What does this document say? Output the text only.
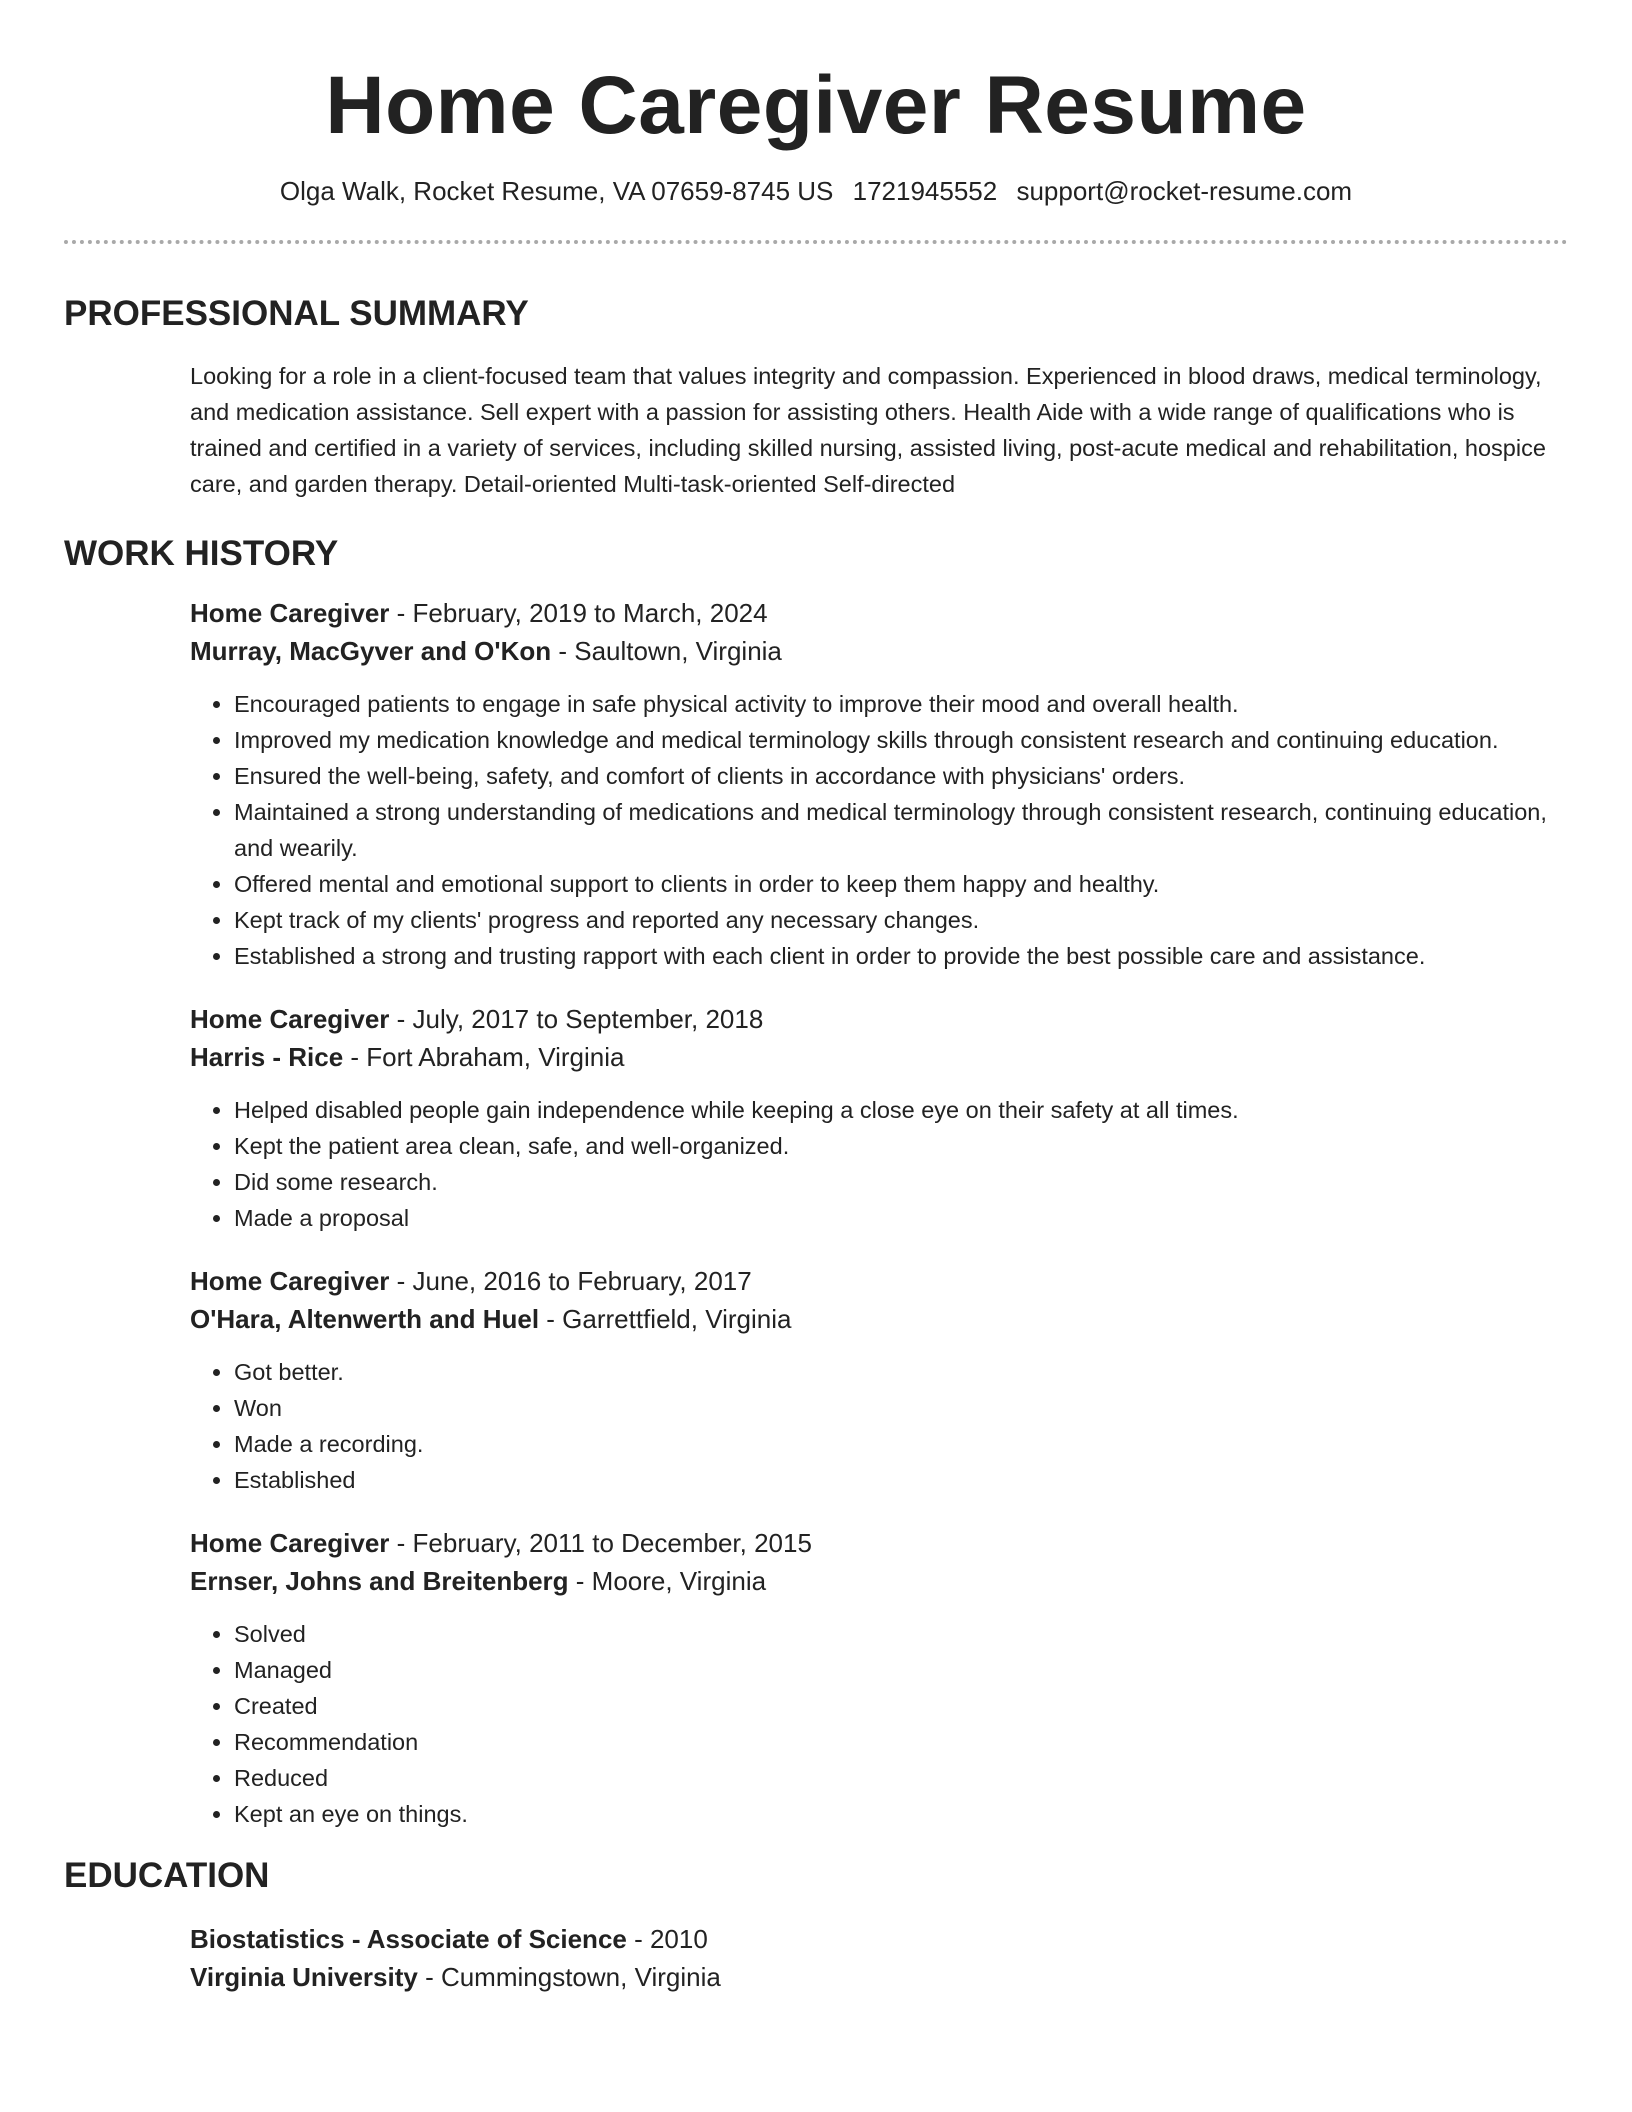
Home Caregiver Resume
Olga Walk, Rocket Resume, VA 07659-8745 US 1721945552 support@rocket-resume.com
PROFESSIONAL SUMMARY

Looking for a role in a client-focused team that values integrity and compassion. Experienced in blood draws, medical terminology, and medication assistance. Sell expert with a passion for assisting others. Health Aide with a wide range of qualifications who is trained and certified in a variety of services, including skilled nursing, assisted living, post-acute medical and rehabilitation, hospice care, and garden therapy. Detail-oriented Multi-task-oriented Self-directed

WORK HISTORY
Home Caregiver - February, 2019 to March, 2024
Murray, MacGyver and O'Kon - Saultown, Virginia
• Encouraged patients to engage in safe physical activity to improve their mood and overall health.
• Improved my medication knowledge and medical terminology skills through consistent research and continuing education.
• Ensured the well-being, safety, and comfort of clients in accordance with physicians' orders.
• Maintained a strong understanding of medications and medical terminology through consistent research, continuing education, and wearily.
• Offered mental and emotional support to clients in order to keep them happy and healthy.
• Kept track of my clients' progress and reported any necessary changes.
• Established a strong and trusting rapport with each client in order to provide the best possible care and assistance.
Home Caregiver - July, 2017 to September, 2018
Harris - Rice - Fort Abraham, Virginia
• Helped disabled people gain independence while keeping a close eye on their safety at all times.
• Kept the patient area clean, safe, and well-organized.
• Did some research.
• Made a proposal
Home Caregiver - June, 2016 to February, 2017
O'Hara, Altenwerth and Huel - Garrettfield, Virginia
• Got better.
• Won
• Made a recording.
• Established
Home Caregiver - February, 2011 to December, 2015
Ernser, Johns and Breitenberg - Moore, Virginia
• Solved
• Managed
• Created
• Recommendation
• Reduced
• Kept an eye on things.
EDUCATION
Biostatistics - Associate of Science - 2010
Virginia University - Cummingstown, Virginia
